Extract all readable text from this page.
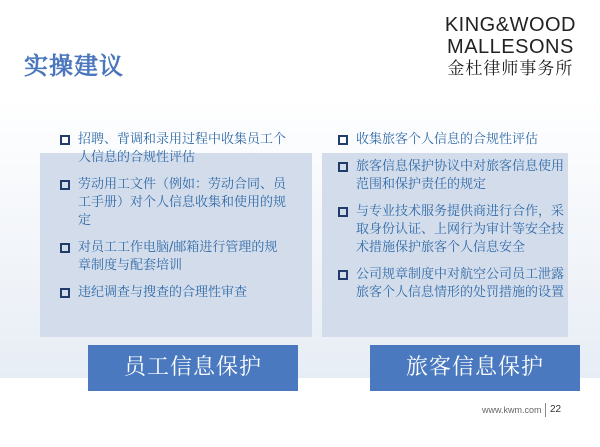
实操建议
KING&WOOD
MALLESONS
金杜律师事务所
招聘、背调和录用过程中收集员工个人信息的合规性评估
劳动用工文件（例如：劳动合同、员工手册）对个人信息收集和使用的规定
对员工工作电脑/邮箱进行管理的规章制度与配套培训
违纪调查与搜查的合理性审查
收集旅客个人信息的合规性评估
旅客信息保护协议中对旅客信息使用范围和保护责任的规定
与专业技术服务提供商进行合作，采取身份认证、上网行为审计等安全技术措施保护旅客个人信息安全
公司规章制度中对航空公司员工泄露旅客个人信息情形的处罚措施的设置
员工信息保护	旅客信息保护
www.kwm.com 22
